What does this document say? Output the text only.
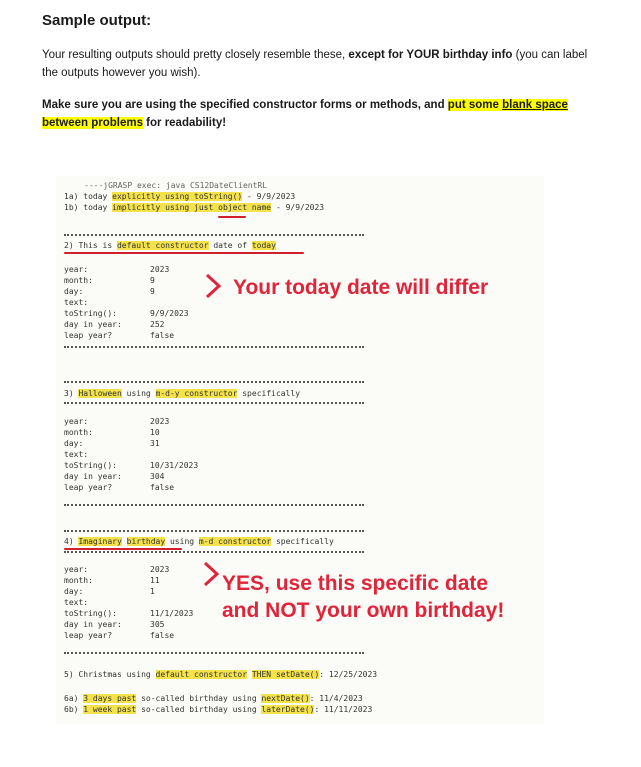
Sample output:
Your resulting outputs should pretty closely resemble these, except for YOUR birthday info (you can label the outputs however you wish).
Make sure you are using the specified constructor forms or methods, and put some blank space
between problems for readability!
----jGRASP exec: java CS12DateClientRL
1a) today explicitly using toString() - 9/9/2023
1b) today implicitly using just object name - 9/9/2023
2) This is default constructor date of today
year:	2023
month:	9
day:	9
text:
toString():	9/9/2023
day in year:	252
leap year?	false
3) Halloween using m-d-y constructor specifically
year:	2023
month:	10
day:	31
text:
toString():	10/31/2023
day in year:	304
leap year?	false
4) Imaginary birthday using m-d constructor specifically
year:	2023
month:	11
day:	1
text:
toString():	11/1/2023
day in year:	305
leap year?	false
5) Christmas using default constructor THEN setDate(): 12/25/2023
6a) 3 days past so-called birthday using nextDate(): 11/4/2023
6b) 1 week past so-called birthday using laterDate(): 11/11/2023
Your today date will differ
YES, use this specific date
and NOT your own birthday!
